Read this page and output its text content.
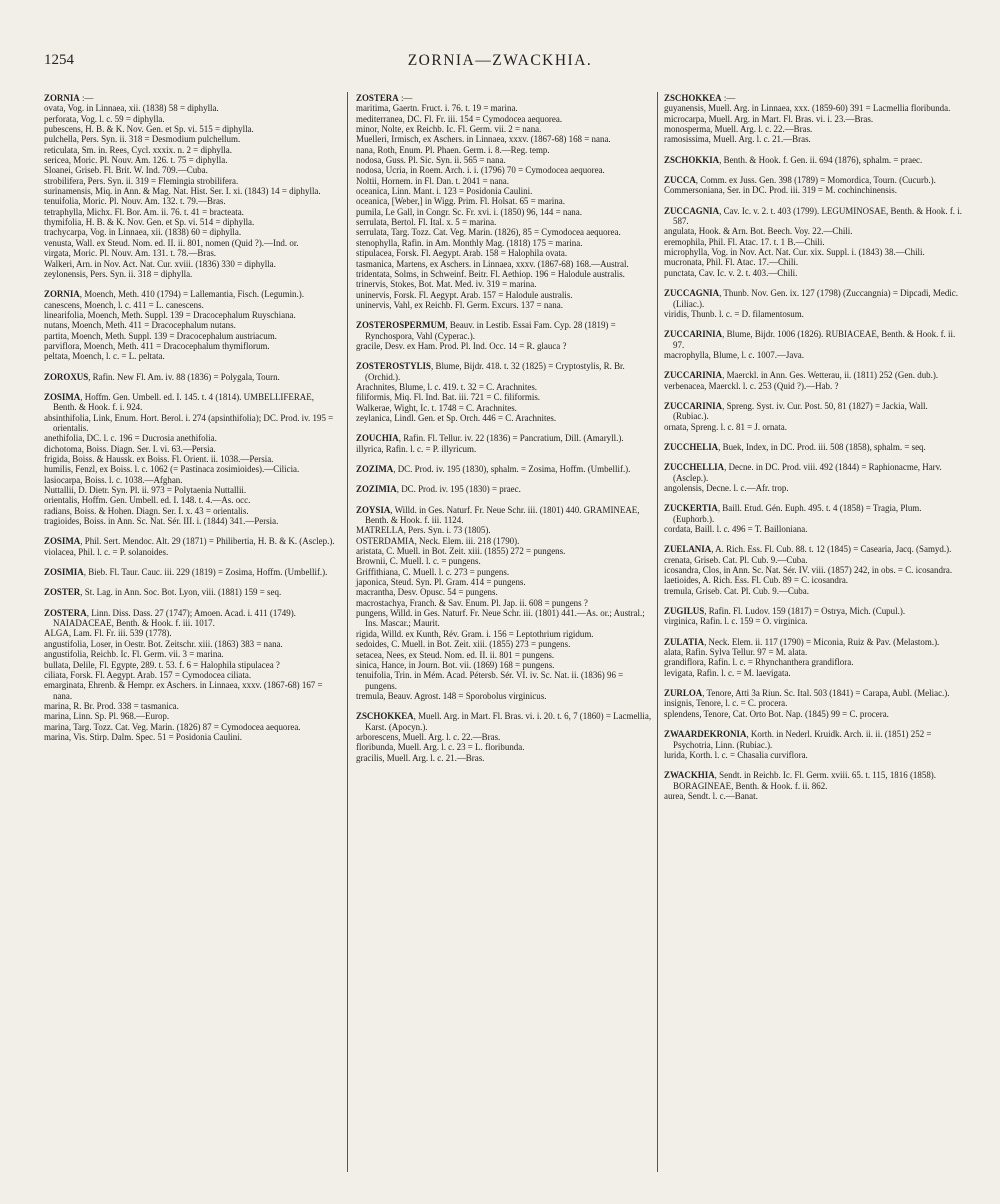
1254	ZORNIA—ZWACKHIA.

ZORNIA :—

ovata, Vog. in Linnaea, xii. (1838) 58 = diphylla.

perforata, Vog. l. c. 59 = diphylla.

pubescens, H. B. & K. Nov. Gen. et Sp. vi. 515 = diphylla.

pulchella, Pers. Syn. ii. 318 = Desmodium pulchellum.

reticulata, Sm. in. Rees, Cycl. xxxix. n. 2 = diphylla.

sericea, Moric. Pl. Nouv. Am. 126. t. 75 = diphylla.

Sloanei, Griseb. Fl. Brit. W. Ind. 709.—Cuba.

strobilifera, Pers. Syn. ii. 319 = Flemingia strobilifera.

surinamensis, Miq. in Ann. & Mag. Nat. Hist. Ser. I. xi. (1843) 14 = diphylla.

tenuifolia, Moric. Pl. Nouv. Am. 132. t. 79.—Bras.

tetraphylla, Michx. Fl. Bor. Am. ii. 76. t. 41 = bracteata.

thymifolia, H. B. & K. Nov. Gen. et Sp. vi. 514 = diphylla.

trachycarpa, Vog. in Linnaea, xii. (1838) 60 = diphylla.

venusta, Wall. ex Steud. Nom. ed. II. ii. 801, nomen (Quid ?).—Ind. or.

virgata, Moric. Pl. Nouv. Am. 131. t. 78.—Bras.

Walkeri, Arn. in Nov. Act. Nat. Cur. xviii. (1836) 330 = diphylla.

zeylonensis, Pers. Syn. ii. 318 = diphylla.

ZORNIA, Moench, Meth. 410 (1794) = Lallemantia, Fisch. (Legumin.).

canescens, Moench, l. c. 411 = L. canescens.

linearifolia, Moench, Meth. Suppl. 139 = Dracocephalum Ruyschiana.

nutans, Moench, Meth. 411 = Dracocephalum nutans.

partita, Moench, Meth. Suppl. 139 = Dracocephalum austriacum.

parviflora, Moench, Meth. 411 = Dracocephalum thymiflorum.

peltata, Moench, l. c. = L. peltata.

ZOROXUS, Rafin. New Fl. Am. iv. 88 (1836) = Polygala, Tourn.

ZOSIMA, Hoffm. Gen. Umbell. ed. I. 145. t. 4 (1814). UMBELLIFERAE, Benth. & Hook. f. i. 924.

absinthifolia, Link, Enum. Hort. Berol. i. 274 (apsinthifolia); DC. Prod. iv. 195 = orientalis.

anethifolia, DC. l. c. 196 = Ducrosia anethifolia.

dichotoma, Boiss. Diagn. Ser. I. vi. 63.—Persia.

frigida, Boiss. & Haussk. ex Boiss. Fl. Orient. ii. 1038.—Persia.

humilis, Fenzl, ex Boiss. l. c. 1062 (= Pastinaca zosimioides).—Cilicia.

lasiocarpa, Boiss. l. c. 1038.—Afghan.

Nuttallii, D. Dietr. Syn. Pl. ii. 973 = Polytaenia Nuttallii.

orientalis, Hoffm. Gen. Umbell. ed. I. 148. t. 4.—As. occ.

radians, Boiss. & Hohen. Diagn. Ser. I. x. 43 = orientalis.

tragioides, Boiss. in Ann. Sc. Nat. Sér. III. i. (1844) 341.—Persia.

ZOSIMA, Phil. Sert. Mendoc. Alt. 29 (1871) = Philibertia, H. B. & K. (Asclep.).

violacea, Phil. l. c. = P. solanoides.

ZOSIMIA, Bieb. Fl. Taur. Cauc. iii. 229 (1819) = Zosima, Hoffm. (Umbellif.).

ZOSTER, St. Lag. in Ann. Soc. Bot. Lyon, viii. (1881) 159 = seq.

ZOSTERA, Linn. Diss. Dass. 27 (1747); Amoen. Acad. i. 411 (1749). NAIADACEAE, Benth. & Hook. f. iii. 1017.

ALGA, Lam. Fl. Fr. iii. 539 (1778).

angustifolia, Loser, in Oestr. Bot. Zeitschr. xiii. (1863) 383 = nana.

angustifolia, Reichb. Ic. Fl. Germ. vii. 3 = marina.

bullata, Delile, Fl. Egypte, 289. t. 53. f. 6 = Halophila stipulacea ?

ciliata, Forsk. Fl. Aegypt. Arab. 157 = Cymodocea ciliata.

emarginata, Ehrenb. & Hempr. ex Aschers. in Linnaea, xxxv. (1867-68) 167 = nana.

marina, R. Br. Prod. 338 = tasmanica.

marina, Linn. Sp. Pl. 968.—Europ.

marina, Targ. Tozz. Cat. Veg. Marin. (1826) 87 = Cymodocea aequorea.

marina, Vis. Stirp. Dalm. Spec. 51 = Posidonia Caulini.

ZOSTERA :—

maritima, Gaertn. Fruct. i. 76. t. 19 = marina.

mediterranea, DC. Fl. Fr. iii. 154 = Cymodocea aequorea.

minor, Nolte, ex Reichb. Ic. Fl. Germ. vii. 2 = nana.

Muelleri, Irmisch, ex Aschers. in Linnaea, xxxv. (1867-68) 168 = nana.

nana, Roth, Enum. Pl. Phaen. Germ. i. 8.—Reg. temp.

nodosa, Guss. Pl. Sic. Syn. ii. 565 = nana.

nodosa, Ucria, in Roem. Arch. i. i. (1796) 70 = Cymodocea aequorea.

Noltii, Hornem. in Fl. Dan. t. 2041 = nana.

oceanica, Linn. Mant. i. 123 = Posidonia Caulini.

oceanica, [Weber,] in Wigg. Prim. Fl. Holsat. 65 = marina.

pumila, Le Gall, in Congr. Sc. Fr. xvi. i. (1850) 96, 144 = nana.

serrulata, Bertol. Fl. Ital. x. 5 = marina.

serrulata, Targ. Tozz. Cat. Veg. Marin. (1826), 85 = Cymodocea aequorea.

stenophylla, Rafin. in Am. Monthly Mag. (1818) 175 = marina.

stipulacea, Forsk. Fl. Aegypt. Arab. 158 = Halophila ovata.

tasmanica, Martens, ex Aschers. in Linnaea, xxxv. (1867-68) 168.—Austral.

tridentata, Solms, in Schweinf. Beitr. Fl. Aethiop. 196 = Halodule australis.

trinervis, Stokes, Bot. Mat. Med. iv. 319 = marina.

uninervis, Forsk. Fl. Aegypt. Arab. 157 = Halodule australis.

uninervis, Vahl, ex Reichb. Fl. Germ. Excurs. 137 = nana.

ZOSTEROSPERMUM, Beauv. in Lestib. Essai Fam. Cyp. 28 (1819) = Rynchospora, Vahl (Cyperac.).

gracile, Desv. ex Ham. Prod. Pl. Ind. Occ. 14 = R. glauca ?

ZOSTEROSTYLIS, Blume, Bijdr. 418. t. 32 (1825) = Cryptostylis, R. Br. (Orchid.).

Arachnites, Blume, l. c. 419. t. 32 = C. Arachnites.

filiformis, Miq. Fl. Ind. Bat. iii. 721 = C. filiformis.

Walkerae, Wight, Ic. t. 1748 = C. Arachnites.

zeylanica, Lindl. Gen. et Sp. Orch. 446 = C. Arachnites.

ZOUCHIA, Rafin. Fl. Tellur. iv. 22 (1836) = Pancratium, Dill. (Amaryll.).

illyrica, Rafin. l. c. = P. illyricum.

ZOZIMA, DC. Prod. iv. 195 (1830), sphalm. = Zosima, Hoffm. (Umbellif.).

ZOZIMIA, DC. Prod. iv. 195 (1830) = praec.

ZOYSIA, Willd. in Ges. Naturf. Fr. Neue Schr. iii. (1801) 440. GRAMINEAE, Benth. & Hook. f. iii. 1124.

MATRELLA, Pers. Syn. i. 73 (1805).

OSTERDAMIA, Neck. Elem. iii. 218 (1790).

aristata, C. Muell. in Bot. Zeit. xiii. (1855) 272 = pungens.

Brownii, C. Muell. l. c. = pungens.

Griffithiana, C. Muell. l. c. 273 = pungens.

japonica, Steud. Syn. Pl. Gram. 414 = pungens.

macrantha, Desv. Opusc. 54 = pungens.

macrostachya, Franch. & Sav. Enum. Pl. Jap. ii. 608 = pungens ?

pungens, Willd. in Ges. Naturf. Fr. Neue Schr. iii. (1801) 441.—As. or.; Austral.; Ins. Mascar.; Maurit.

rigida, Willd. ex Kunth, Rév. Gram. i. 156 = Leptothrium rigidum.

sedoides, C. Muell. in Bot. Zeit. xiii. (1855) 273 = pungens.

setacea, Nees, ex Steud. Nom. ed. II. ii. 801 = pungens.

sinica, Hance, in Journ. Bot. vii. (1869) 168 = pungens.

tenuifolia, Trin. in Mém. Acad. Pétersb. Sér. VI. iv. Sc. Nat. ii. (1836) 96 = pungens.

tremula, Beauv. Agrost. 148 = Sporobolus virginicus.

ZSCHOKKEA, Muell. Arg. in Mart. Fl. Bras. vi. i. 20. t. 6, 7 (1860) = Lacmellia, Karst. (Apocyn.).

arborescens, Muell. Arg. l. c. 22.—Bras.

floribunda, Muell. Arg. l. c. 23 = L. floribunda.

gracilis, Muell. Arg. l. c. 21.—Bras.

ZSCHOKKEA :—

guyanensis, Muell. Arg. in Linnaea, xxx. (1859-60) 391 = Lacmellia floribunda.

microcarpa, Muell. Arg. in Mart. Fl. Bras. vi. i. 23.—Bras.

monosperma, Muell. Arg. l. c. 22.—Bras.

ramosissima, Muell. Arg. l. c. 21.—Bras.

ZSCHOKKIA, Benth. & Hook. f. Gen. ii. 694 (1876), sphalm. = praec.

ZUCCA, Comm. ex Juss. Gen. 398 (1789) = Momordica, Tourn. (Cucurb.).

Commersoniana, Ser. in DC. Prod. iii. 319 = M. cochinchinensis.

ZUCCAGNIA, Cav. Ic. v. 2. t. 403 (1799). LEGUMINOSAE, Benth. & Hook. f. i. 587.

angulata, Hook. & Arn. Bot. Beech. Voy. 22.—Chili.

eremophila, Phil. Fl. Atac. 17. t. 1 B.—Chili.

microphylla, Vog. in Nov. Act. Nat. Cur. xix. Suppl. i. (1843) 38.—Chili.

mucronata, Phil. Fl. Atac. 17.—Chili.

punctata, Cav. Ic. v. 2. t. 403.—Chili.

ZUCCAGNIA, Thunb. Nov. Gen. ix. 127 (1798) (Zuccangnia) = Dipcadi, Medic. (Liliac.).

viridis, Thunb. l. c. = D. filamentosum.

ZUCCARINIA, Blume, Bijdr. 1006 (1826). RUBIACEAE, Benth. & Hook. f. ii. 97.

macrophylla, Blume, l. c. 1007.—Java.

ZUCCARINIA, Maerckl. in Ann. Ges. Wetterau, ii. (1811) 252 (Gen. dub.).

verbenacea, Maerckl. l. c. 253 (Quid ?).—Hab. ?

ZUCCARINIA, Spreng. Syst. iv. Cur. Post. 50, 81 (1827) = Jackia, Wall. (Rubiac.).

ornata, Spreng. l. c. 81 = J. ornata.

ZUCCHELIA, Buek, Index, in DC. Prod. iii. 508 (1858), sphalm. = seq.

ZUCCHELLIA, Decne. in DC. Prod. viii. 492 (1844) = Raphionacme, Harv. (Asclep.).

angolensis, Decne. l. c.—Afr. trop.

ZUCKERTIA, Baill. Etud. Gén. Euph. 495. t. 4 (1858) = Tragia, Plum. (Euphorb.).

cordata, Baill. l. c. 496 = T. Bailloniana.

ZUELANIA, A. Rich. Ess. Fl. Cub. 88. t. 12 (1845) = Casearia, Jacq. (Samyd.).

crenata, Griseb. Cat. Pl. Cub. 9.—Cuba.

icosandra, Clos, in Ann. Sc. Nat. Sér. IV. viii. (1857) 242, in obs. = C. icosandra.

laetioides, A. Rich. Ess. Fl. Cub. 89 = C. icosandra.

tremula, Griseb. Cat. Pl. Cub. 9.—Cuba.

ZUGILUS, Rafin. Fl. Ludov. 159 (1817) = Ostrya, Mich. (Cupul.).

virginica, Rafin. l. c. 159 = O. virginica.

ZULATIA, Neck. Elem. ii. 117 (1790) = Miconia, Ruiz & Pav. (Melastom.).

alata, Rafin. Sylva Tellur. 97 = M. alata.

grandiflora, Rafin. l. c. = Rhynchanthera grandiflora.

levigata, Rafin. l. c. = M. laevigata.

ZURLOA, Tenore, Atti 3a Riun. Sc. Ital. 503 (1841) = Carapa, Aubl. (Meliac.).

insignis, Tenore, l. c. = C. procera.

splendens, Tenore, Cat. Orto Bot. Nap. (1845) 99 = C. procera.

ZWAARDEKRONIA, Korth. in Nederl. Kruidk. Arch. ii. ii. (1851) 252 = Psychotria, Linn. (Rubiac.).

lurida, Korth. l. c. = Chasalia curviflora.

ZWACKHIA, Sendt. in Reichb. Ic. Fl. Germ. xviii. 65. t. 115, 1816 (1858). BORAGINEAE, Benth. & Hook. f. ii. 862.

aurea, Sendt. l. c.—Banat.
